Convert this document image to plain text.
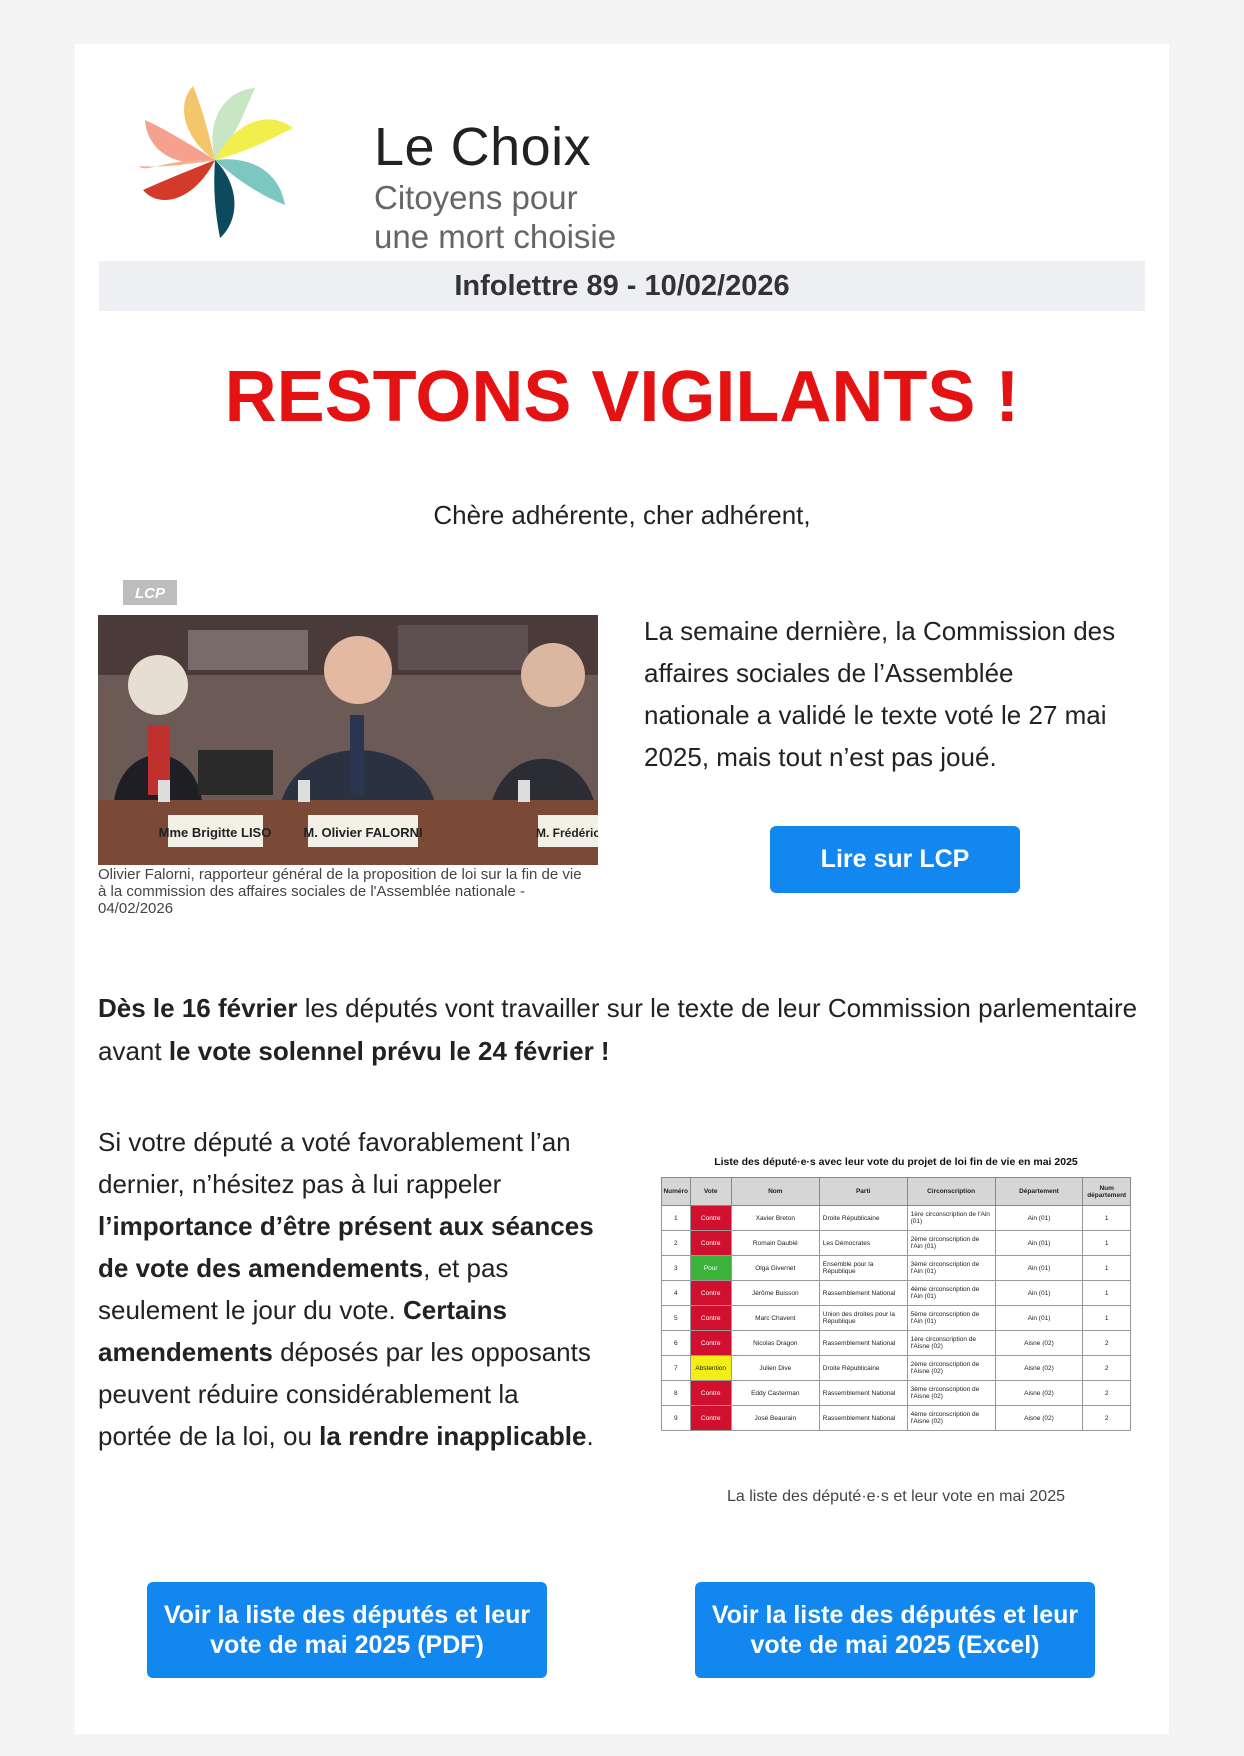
Le Choix
Citoyens pour
une mort choisie
Infolettre 89 - 10/02/2026
RESTONS VIGILANTS !
Chère adhérente, cher adhérent,
LCP
Mme Brigitte LISO M. Olivier FALORNI	M. Frédéric
Olivier Falorni, rapporteur général de la proposition de loi sur la fin de vie à la commission des affaires sociales de l'Assemblée nationale - 04/02/2026
La semaine dernière, la Commission des affaires sociales de l’Assemblée nationale a validé le texte voté le 27 mai 2025, mais tout n’est pas joué.
Lire sur LCP
Dès le 16 février les députés vont travailler sur le texte de leur Commission parlementaire avant le vote solennel prévu le 24 février !
Si votre député a voté favorablement l’an dernier, n’hésitez pas à lui rappeler l’importance d’être présent aux séances de vote des amendements, et pas seulement le jour du vote. Certains amendements déposés par les opposants peuvent réduire considérablement la portée de la loi, ou la rendre inapplicable.
Liste des député·e·s avec leur vote du projet de loi fin de vie en mai 2025
Numéro	Vote	Nom	Parti	Circonscription	Département	Num département
1	Contre	Xavier Breton	Droite Républicaine	1ère circonscription de l'Ain (01)	Ain (01)	1
2	Contre	Romain Daubié	Les Démocrates	2ème circonscription de l'Ain (01)	Ain (01)	1
3	Pour	Olga Givernet	Ensemble pour la République	3ème circonscription de l'Ain (01)	Ain (01)	1
4	Contre	Jérôme Buisson	Rassemblement National	4ème circonscription de l'Ain (01)	Ain (01)	1
5	Contre	Marc Chavent	Union des droites pour la République	5ème circonscription de l'Ain (01)	Ain (01)	1
6	Contre	Nicolas Dragon	Rassemblement National	1ère circonscription de l'Aisne (02)	Aisne (02)	2
7	Abstention	Julien Dive	Droite Républicaine	2ème circonscription de l'Aisne (02)	Aisne (02)	2
8	Contre	Eddy Casterman	Rassemblement National	3ème circonscription de l'Aisne (02)	Aisne (02)	2
9	Contre	José Beaurain	Rassemblement National	4ème circonscription de l'Aisne (02)	Aisne (02)	2
La liste des député·e·s et leur vote en mai 2025
Voir la liste des députés et leur vote de mai 2025 (PDF)
Voir la liste des députés et leur vote de mai 2025 (Excel)
